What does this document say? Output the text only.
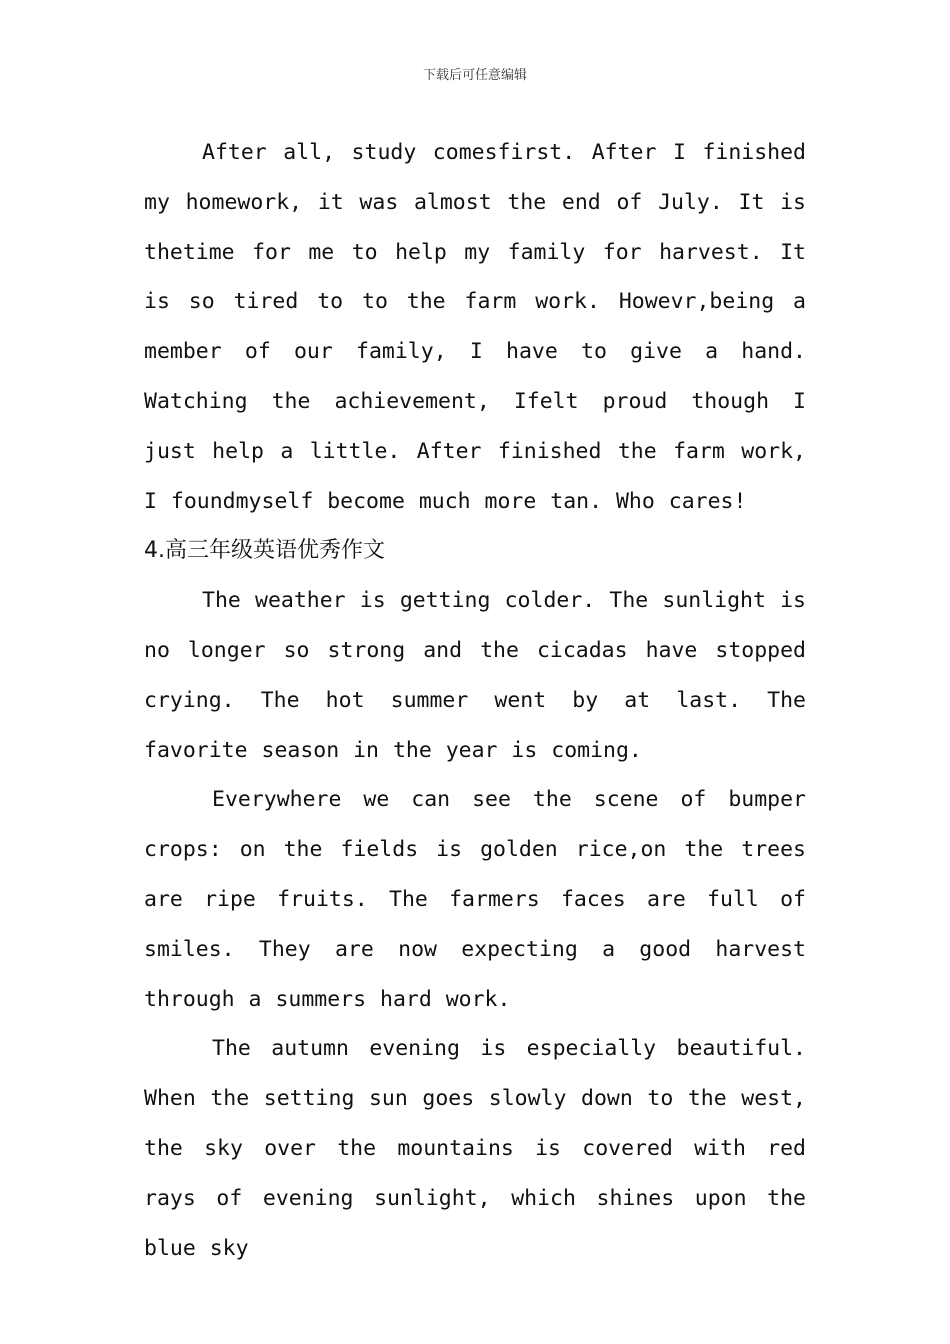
下载后可任意编辑

After all, study comesfirst. After I finished my homework, it was almost the end of July. It is thetime for me to help my family for harvest. It is so tired to to the farm work. Howevr,being a member of our family, I have to give a hand. Watching the achievement, Ifelt proud though I just help a little. After finished the farm work, I foundmyself become much more tan. Who cares!

4.高三年级英语优秀作文

The weather is getting colder. The sunlight is no longer so strong and the cicadas have stopped crying. The hot summer went by at last. The favorite season in the year is coming.

Everywhere we can see the scene of bumper crops: on the fields is golden rice,on the trees are ripe fruits. The farmers faces are full of smiles. They are now expecting a good harvest through a summers hard work.

The autumn evening is especially beautiful. When the setting sun goes slowly down to the west, the sky over the mountains is covered with red rays of evening sunlight, which shines upon the blue sky
